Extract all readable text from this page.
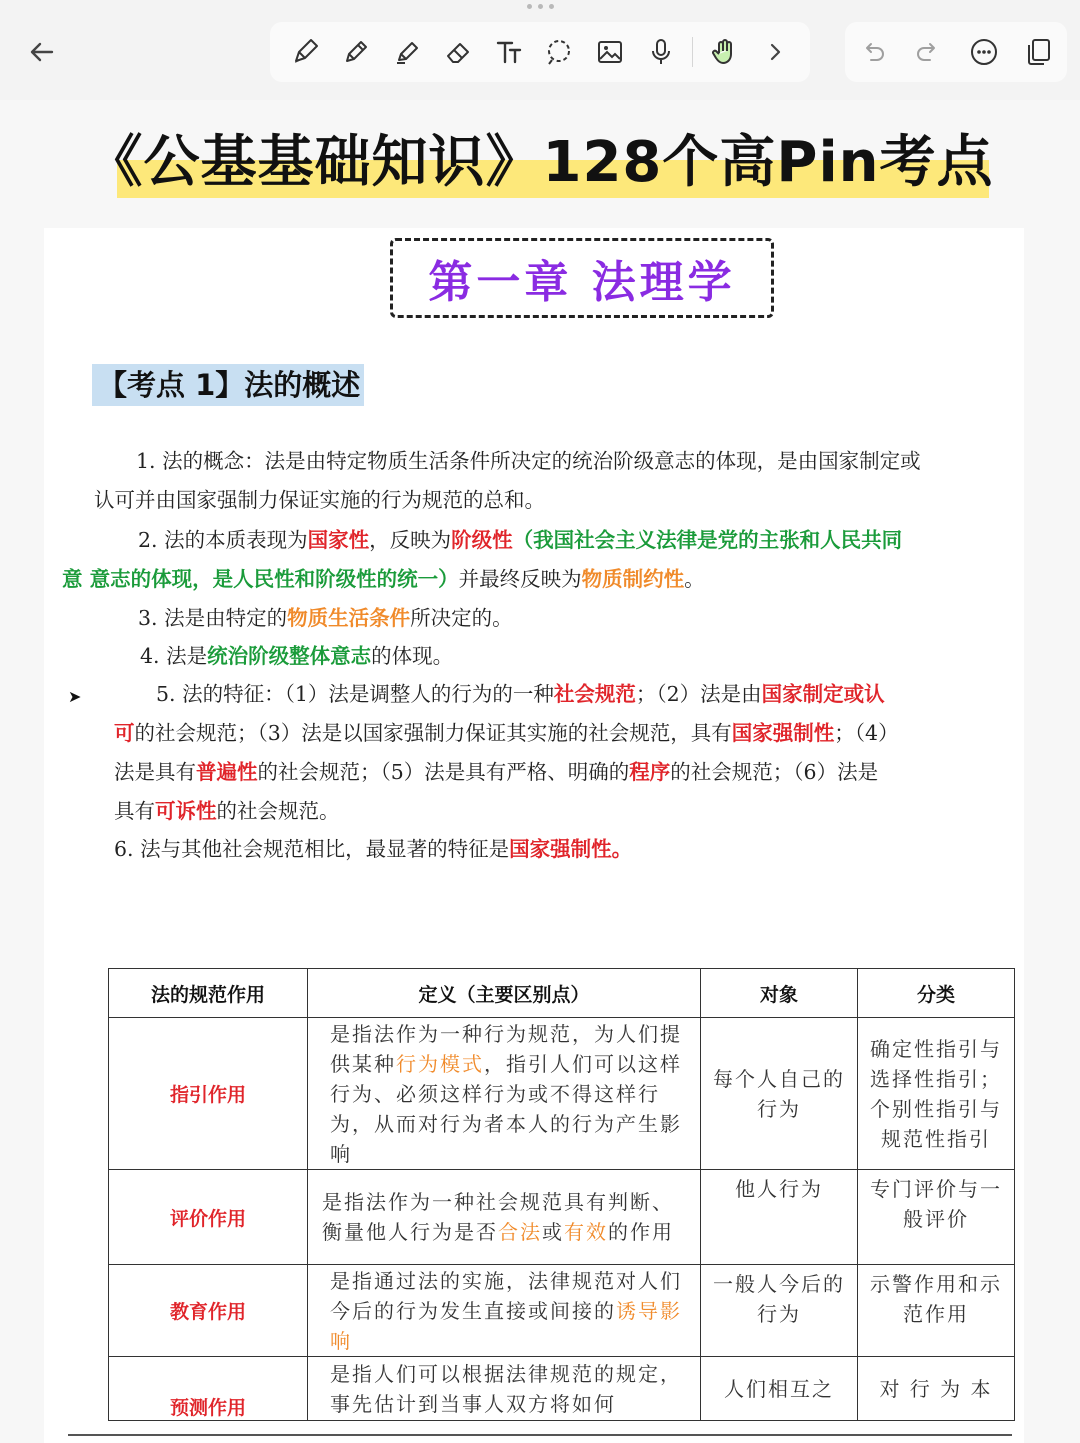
《公基基础知识》128个高Pin考点
第一章 法理学
【考点 1】法的概述
1. 法的概念：法是由特定物质生活条件所决定的统治阶级意志的体现，是由国家制定或
认可并由国家强制力保证实施的行为规范的总和。
2. 法的本质表现为国家性，反映为阶级性（我国社会主义法律是党的主张和人民共同
意 意志的体现，是人民性和阶级性的统一）并最终反映为物质制约性。
3. 法是由特定的物质生活条件所决定的。
4. 法是统治阶级整体意志的体现。
➤	5. 法的特征：（1）法是调整人的行为的一种社会规范；（2）法是由国家制定或认
可的社会规范；（3）法是以国家强制力保证其实施的社会规范，具有国家强制性；（4）
法是具有普遍性的社会规范；（5）法是具有严格、明确的程序的社会规范；（6）法是
具有可诉性的社会规范。
6. 法与其他社会规范相比，最显著的特征是国家强制性。
法的规范作用	定义（主要区别点）	对象	分类
指引作用	是指法作为一种行为规范，为人们提供某种行为模式，指引人们可以这样行为、必须这样行为或不得这样行为，从而对行为者本人的行为产生影响	每个人自己的行为	确定性指引与选择性指引；个别性指引与规范性指引
评价作用	是指法作为一种社会规范具有判断、衡量他人行为是否合法或有效的作用	他人行为	专门评价与一般评价
教育作用	是指通过法的实施，法律规范对人们今后的行为发生直接或间接的诱导影响	一般人今后的行为	示警作用和示范作用
预测作用	是指人们可以根据法律规范的规定，事先估计到当事人双方将如何	人们相互之	对 行 为 本
